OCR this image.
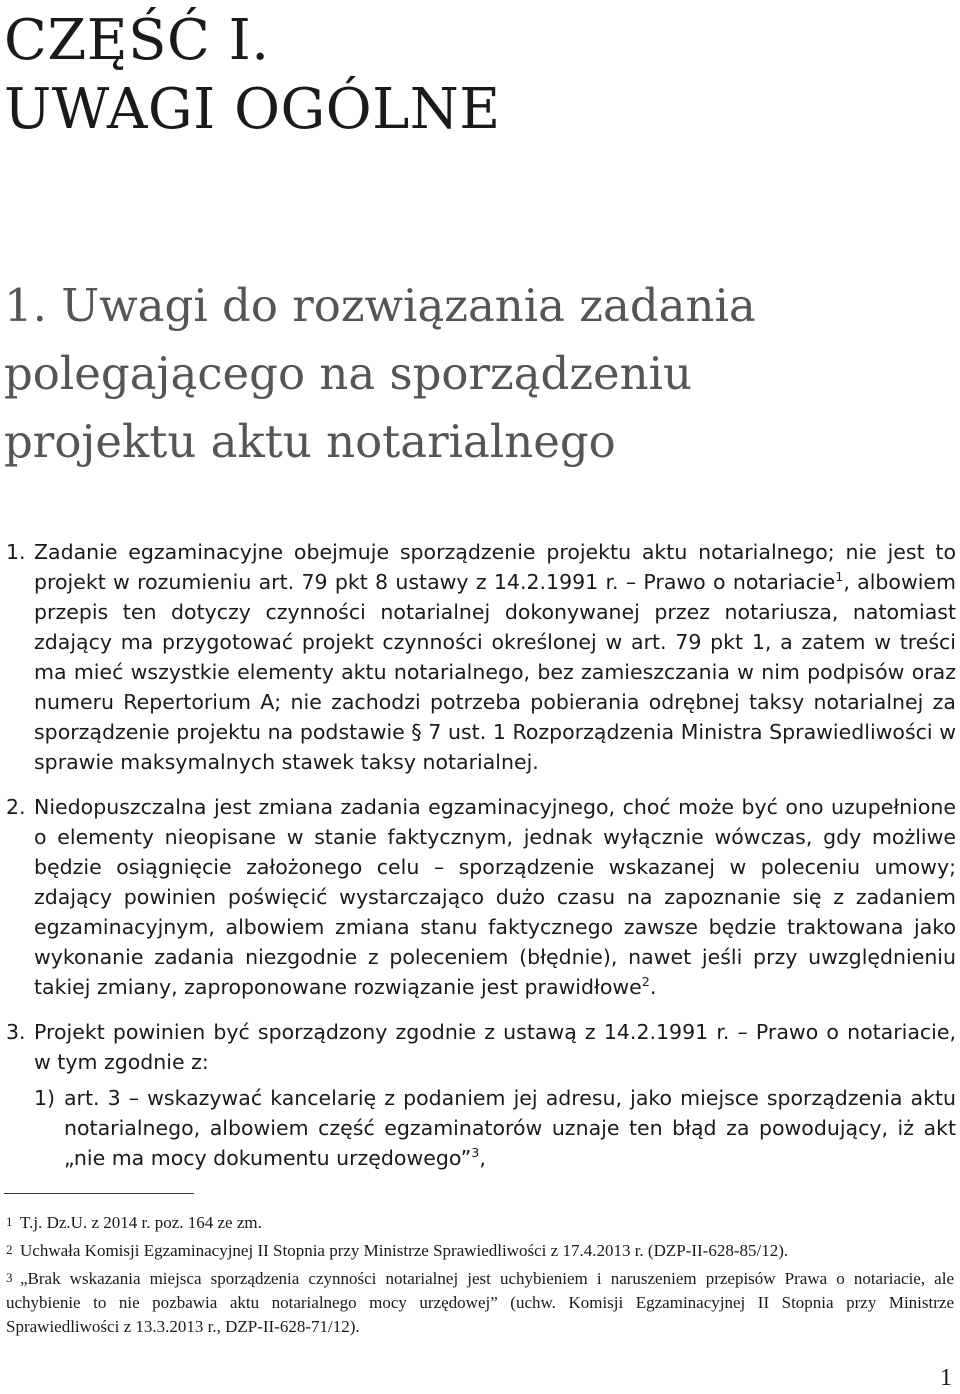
CZĘŚĆ I.
UWAGI OGÓLNE
1. Uwagi do rozwiązania zadania
polegającego na sporządzeniu
projektu aktu notarialnego
1. Zadanie egzaminacyjne obejmuje sporządzenie projektu aktu notarialnego; nie jest to projekt w rozumieniu art. 79 pkt 8 ustawy z 14.2.1991 r. – Prawo o notariacie$^1$, albowiem przepis ten dotyczy czynności notarialnej dokonywanej przez notariusza, natomiast zdający ma przygotować projekt czynności określonej w art. 79 pkt 1, a zatem w treści ma mieć wszystkie elementy aktu notarialnego, bez zamieszczania w nim podpisów oraz numeru Repertorium A; nie zachodzi potrzeba pobierania odrębnej taksy notarialnej za sporządzenie projektu na podstawie § 7 ust. 1 Rozporządzenia Ministra Sprawiedliwości w sprawie maksymalnych stawek taksy notarialnej.
2. Niedopuszczalna jest zmiana zadania egzaminacyjnego, choć może być ono uzupełnione o elementy nieopisane w stanie faktycznym, jednak wyłącznie wówczas, gdy możliwe będzie osiągnięcie założonego celu – sporządzenie wskazanej w poleceniu umowy; zdający powinien poświęcić wystarczająco dużo czasu na zapoznanie się z zadaniem egzaminacyjnym, albowiem zmiana stanu faktycznego zawsze będzie traktowana jako wykonanie zadania niezgodnie z poleceniem (błędnie), nawet jeśli przy uwzględnieniu takiej zmiany, zaproponowane rozwiązanie jest prawidłowe$^2$.
3. Projekt powinien być sporządzony zgodnie z ustawą z 14.2.1991 r. – Prawo o notariacie, w tym zgodnie z:
1) art. 3 – wskazywać kancelarię z podaniem jej adresu, jako miejsce sporządzenia aktu notarialnego, albowiem część egzaminatorów uznaje ten błąd za powodujący, iż akt „nie ma mocy dokumentu urzędowego”$^3$,
1 T.j. Dz.U. z 2014 r. poz. 164 ze zm.
2 Uchwała Komisji Egzaminacyjnej II Stopnia przy Ministrze Sprawiedliwości z 17.4.2013 r. (DZP-II-628-85/12).
3 „Brak wskazania miejsca sporządzenia czynności notarialnej jest uchybieniem i naruszeniem przepisów Prawa o notariacie, ale uchybienie to nie pozbawia aktu notarialnego mocy urzędowej” (uchw. Komisji Egzaminacyjnej II Stopnia przy Ministrze Sprawiedliwości z 13.3.2013 r., DZP-II-628-71/12).
1
